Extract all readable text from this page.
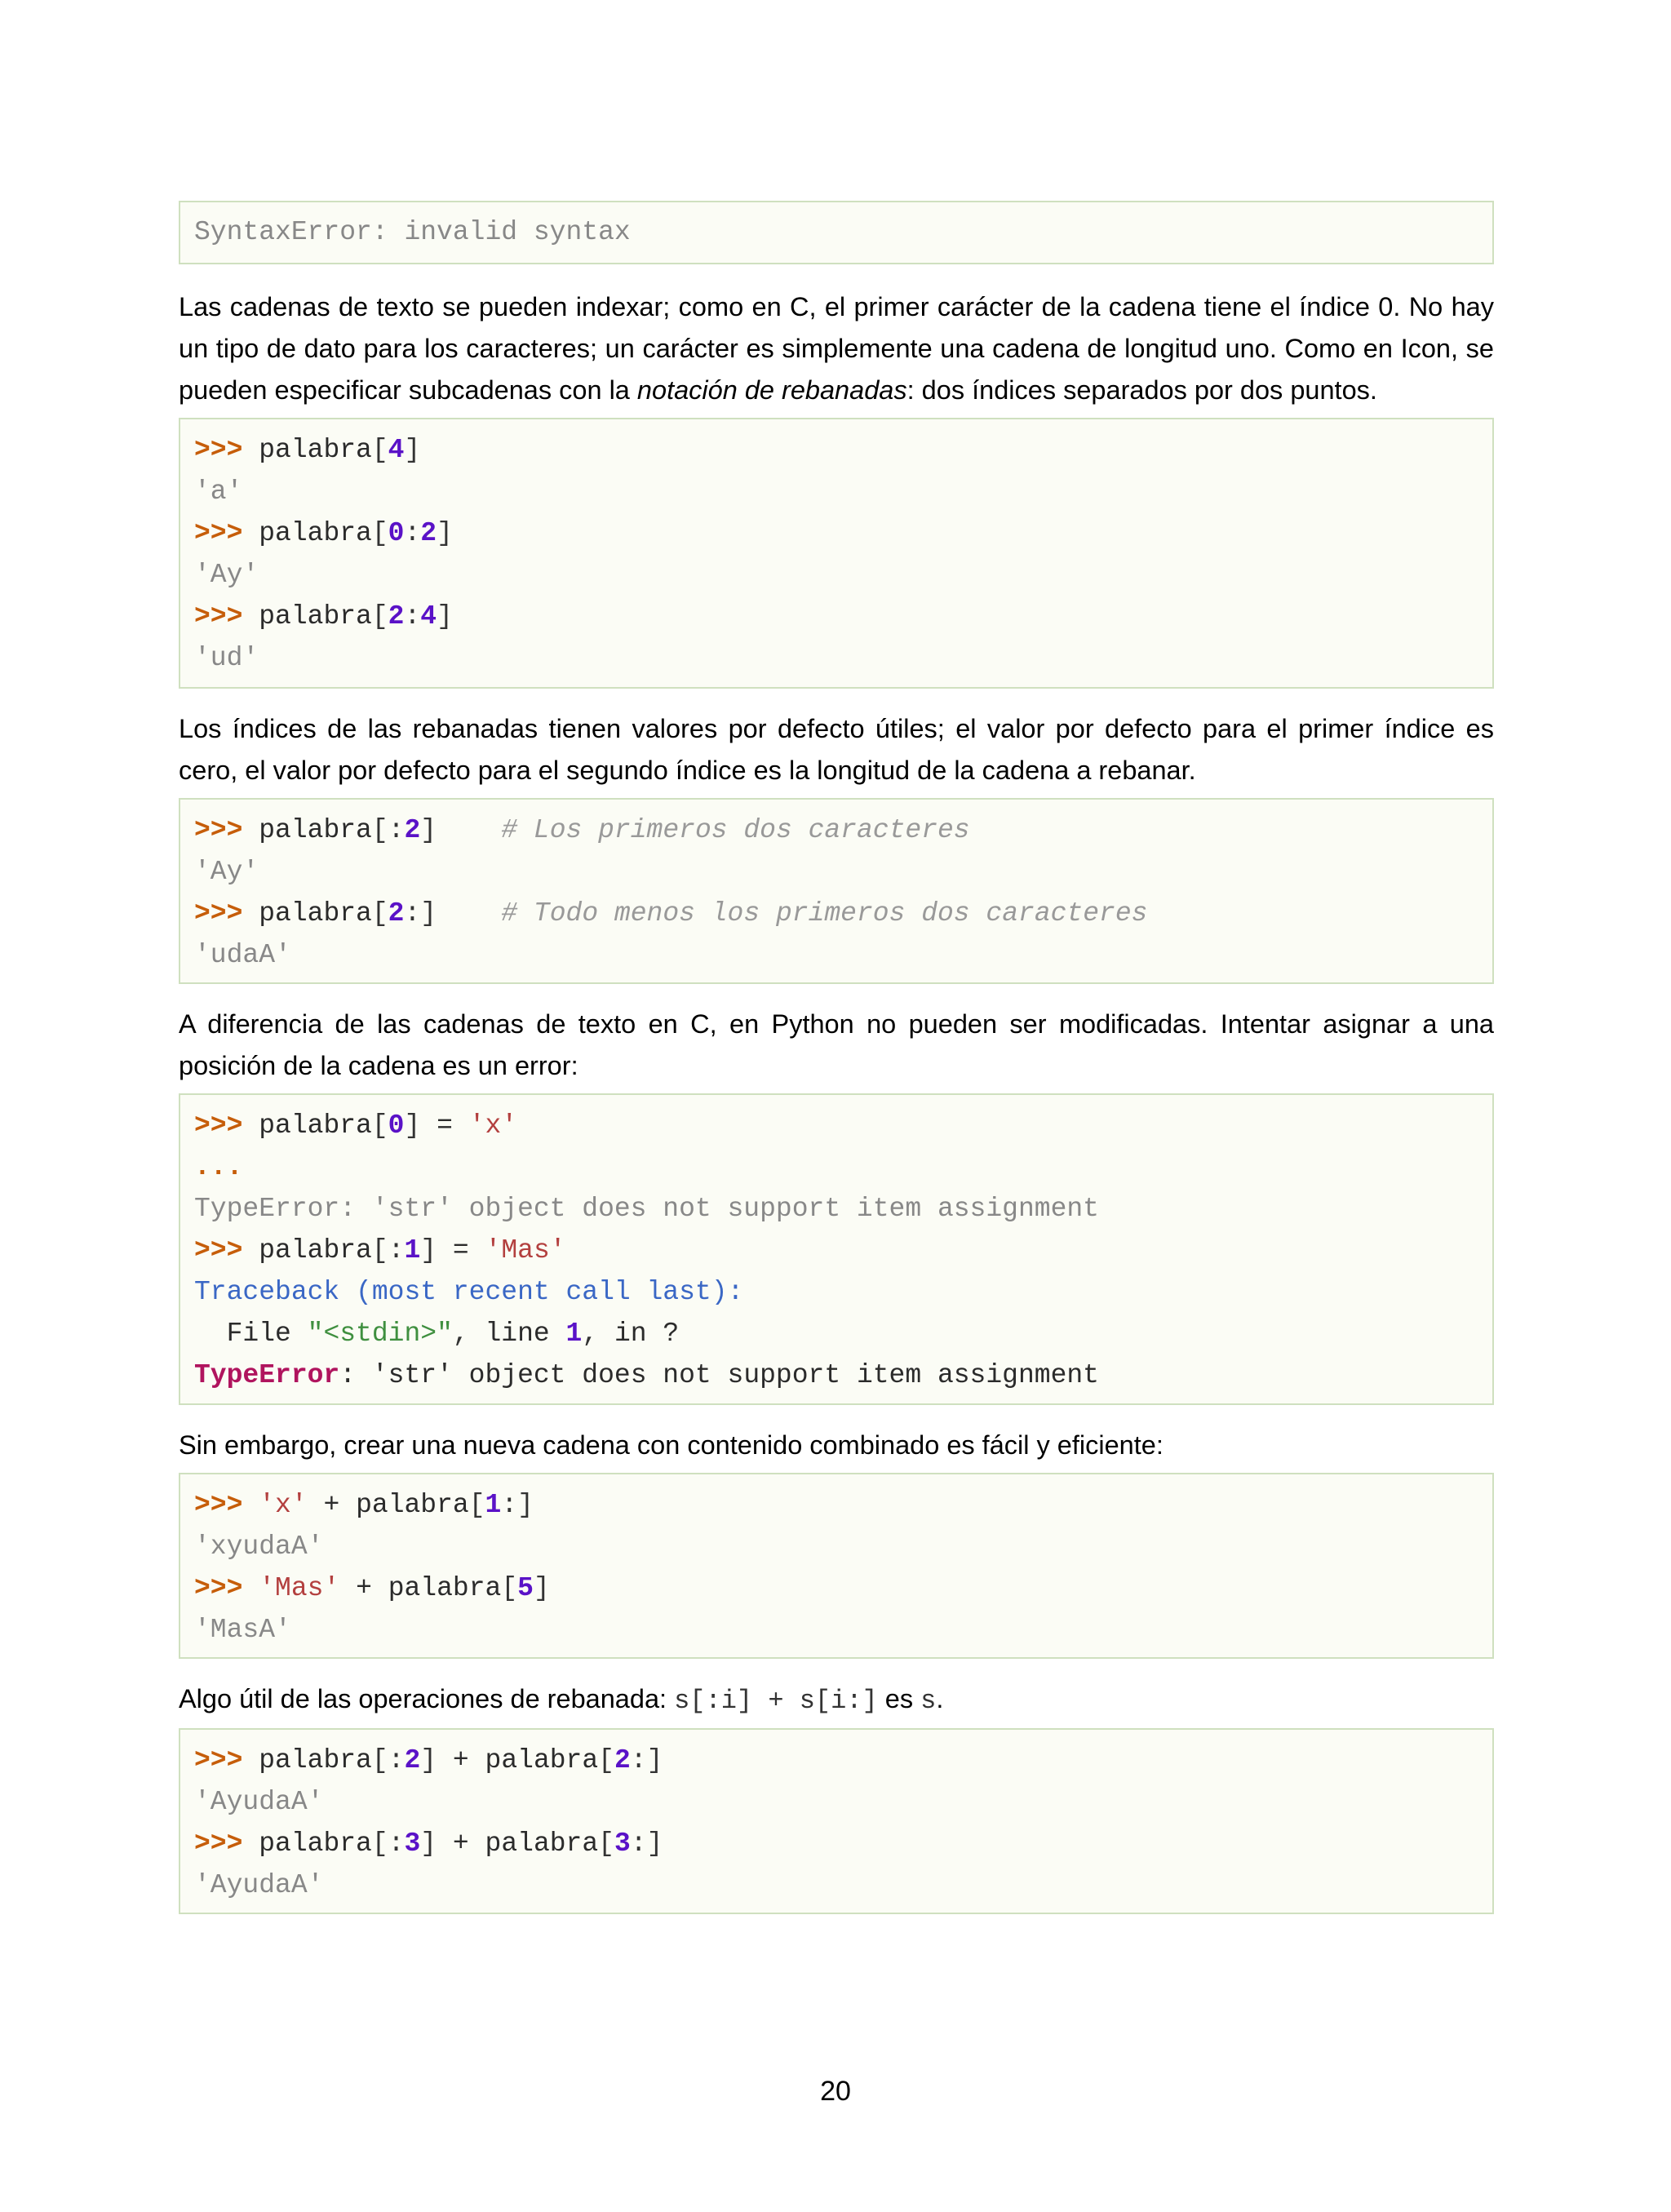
SyntaxError: invalid syntax

Las cadenas de texto se pueden indexar; como en C, el primer carácter de la cadena tiene el índice 0. No hay un tipo de dato para los caracteres; un carácter es simplemente una cadena de longitud uno. Como en Icon, se pueden especificar subcadenas con la notación de rebanadas: dos índices separados por dos puntos.

>>> palabra[4]
'a'
>>> palabra[0:2]
'Ay'
>>> palabra[2:4]
'ud'

Los índices de las rebanadas tienen valores por defecto útiles; el valor por defecto para el primer índice es cero, el valor por defecto para el segundo índice es la longitud de la cadena a rebanar.

>>> palabra[:2] # Los primeros dos caracteres
'Ay'
>>> palabra[2:] # Todo menos los primeros dos caracteres
'udaA'

A diferencia de las cadenas de texto en C, en Python no pueden ser modificadas. Intentar asignar a una posición de la cadena es un error:

>>> palabra[0] = 'x'
...
TypeError: 'str' object does not support item assignment
>>> palabra[:1] = 'Mas'
Traceback (most recent call last):
File "<stdin>", line 1, in ?
TypeError: 'str' object does not support item assignment

Sin embargo, crear una nueva cadena con contenido combinado es fácil y eficiente:

>>> 'x' + palabra[1:]
'xyudaA'
>>> 'Mas' + palabra[5]
'MasA'

Algo útil de las operaciones de rebanada: s[:i] + s[i:] es s.

>>> palabra[:2] + palabra[2:]
'AyudaA'
>>> palabra[:3] + palabra[3:]
'AyudaA'
20
